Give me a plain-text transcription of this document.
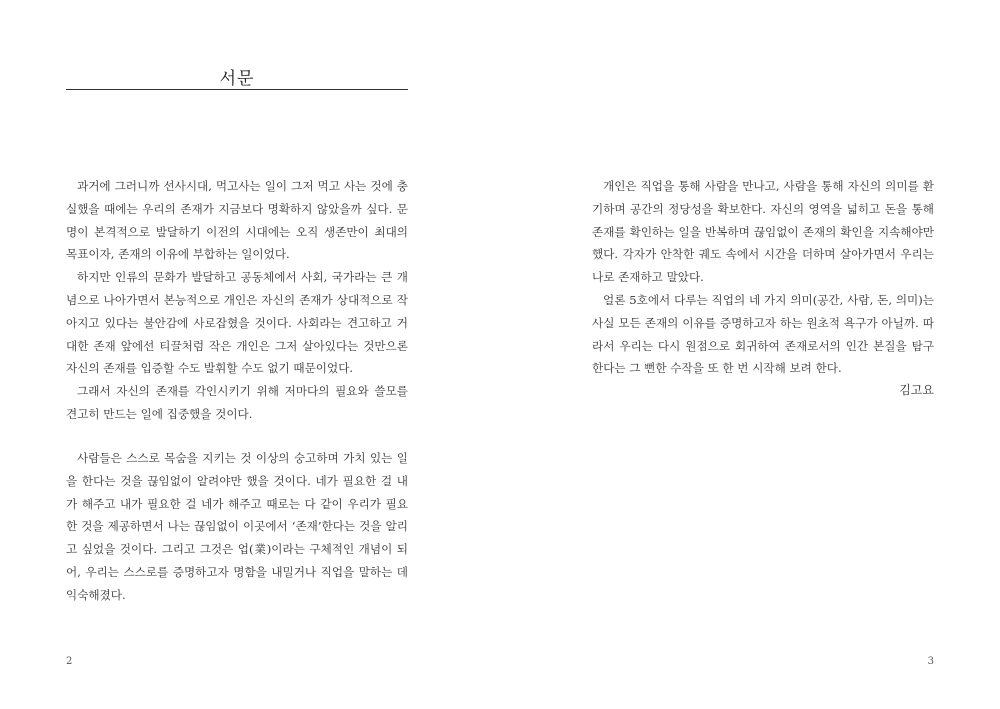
서문

과거에 그러니까 선사시대, 먹고사는 일이 그저 먹고 사는 것에 충실했을 때에는 우리의 존재가 지금보다 명확하지 않았을까 싶다. 문명이 본격적으로 발달하기 이전의 시대에는 오직 생존만이 최대의 목표이자, 존재의 이유에 부합하는 일이었다.

하지만 인류의 문화가 발달하고 공동체에서 사회, 국가라는 큰 개념으로 나아가면서 본능적으로 개인은 자신의 존재가 상대적으로 작아지고 있다는 불안감에 사로잡혔을 것이다. 사회라는 견고하고 거대한 존재 앞에선 티끌처럼 작은 개인은 그저 살아있다는 것만으론 자신의 존재를 입증할 수도 발휘할 수도 없기 때문이었다.

그래서 자신의 존재를 각인시키기 위해 저마다의 필요와 쓸모를 견고히 만드는 일에 집중했을 것이다.

사람들은 스스로 목숨을 지키는 것 이상의 숭고하며 가치 있는 일을 한다는 것을 끊임없이 알려야만 했을 것이다. 네가 필요한 걸 내가 해주고 내가 필요한 걸 네가 해주고 때로는 다 같이 우리가 필요한 것을 제공하면서 나는 끊임없이 이곳에서 ‘존재’한다는 것을 알리고 싶었을 것이다. 그리고 그것은 업(業)이라는 구체적인 개념이 되어, 우리는 스스로를 증명하고자 명함을 내밀거나 직업을 말하는 데 익숙해졌다.

2

개인은 직업을 통해 사람을 만나고, 사람을 통해 자신의 의미를 환기하며 공간의 정당성을 확보한다. 자신의 영역을 넓히고 돈을 통해 존재를 확인하는 일을 반복하며 끊임없이 존재의 확인을 지속해야만 했다. 각자가 안착한 궤도 속에서 시간을 더하며 살아가면서 우리는 나로 존재하고 말았다.

얼론 5호에서 다루는 직업의 네 가지 의미(공간, 사람, 돈, 의미)는 사실 모든 존재의 이유를 증명하고자 하는 원초적 욕구가 아닐까. 따라서 우리는 다시 원점으로 회귀하여 존재로서의 인간 본질을 탐구한다는 그 뻔한 수작을 또 한 번 시작해 보려 한다.

김고요
3
